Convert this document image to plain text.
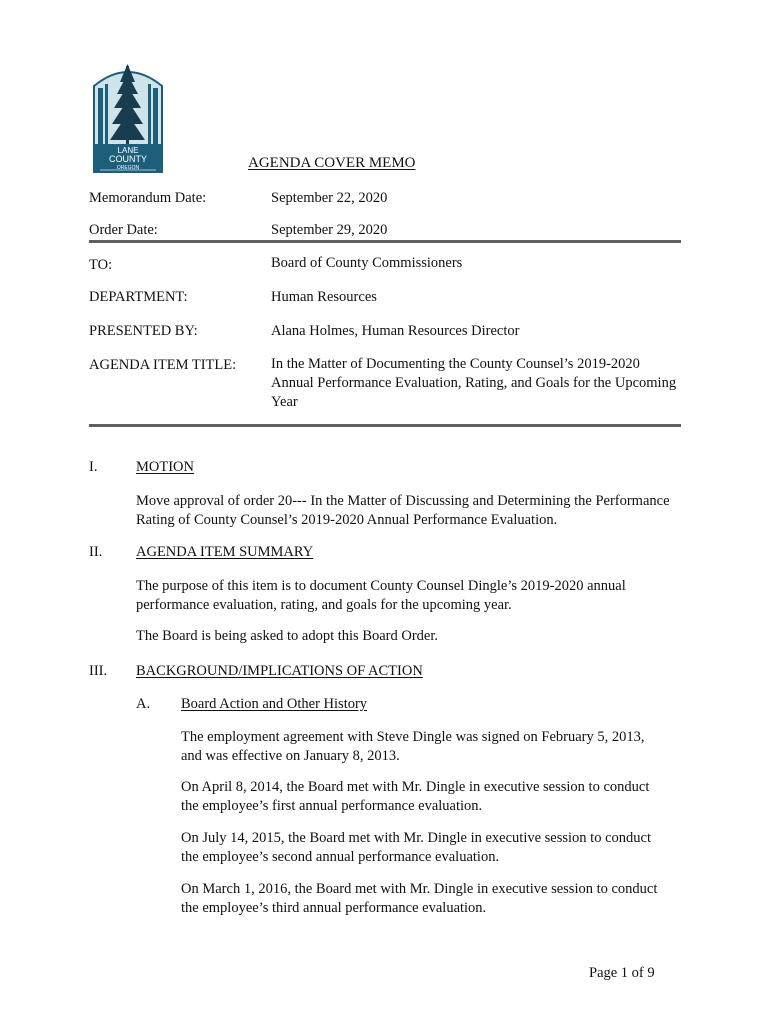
LANE
COUNTY
OREGON	AGENDA COVER MEMO
Memorandum Date:	September 22, 2020
Order Date:	September 29, 2020
TO:	Board of County Commissioners
DEPARTMENT:	Human Resources
PRESENTED BY:	Alana Holmes, Human Resources Director
AGENDA ITEM TITLE: In the Matter of Documenting the County Counsel’s 2019-2020
Annual Performance Evaluation, Rating, and Goals for the Upcoming
Year
I.	MOTION
Move approval of order 20--- In the Matter of Discussing and Determining the Performance
Rating of County Counsel’s 2019-2020 Annual Performance Evaluation.
II. AGENDA ITEM SUMMARY
The purpose of this item is to document County Counsel Dingle’s 2019-2020 annual
performance evaluation, rating, and goals for the upcoming year.
The Board is being asked to adopt this Board Order.
III. BACKGROUND/IMPLICATIONS OF ACTION
A. Board Action and Other History
The employment agreement with Steve Dingle was signed on February 5, 2013,
and was effective on January 8, 2013.
On April 8, 2014, the Board met with Mr. Dingle in executive session to conduct
the employee’s first annual performance evaluation.
On July 14, 2015, the Board met with Mr. Dingle in executive session to conduct
the employee’s second annual performance evaluation.
On March 1, 2016, the Board met with Mr. Dingle in executive session to conduct
the employee’s third annual performance evaluation.
Page 1 of 9
